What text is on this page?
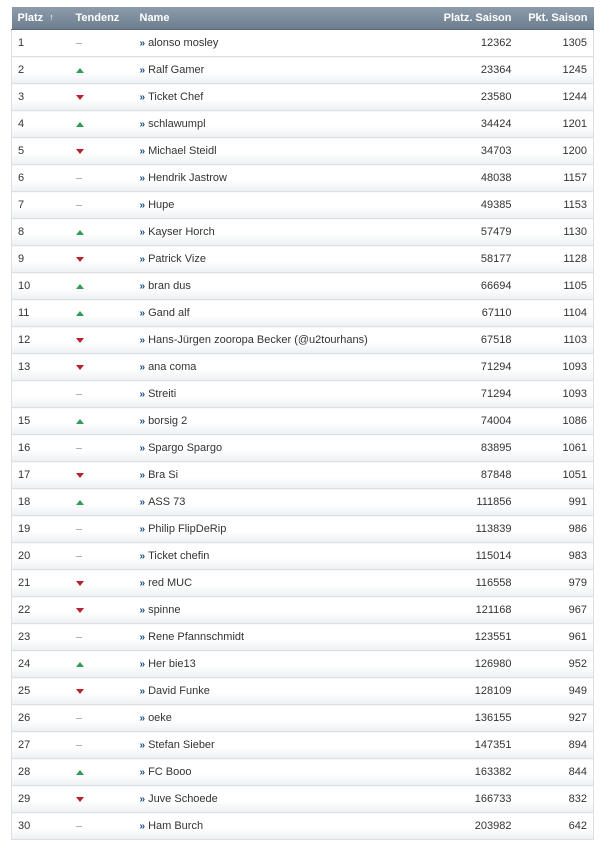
Platz ↑	Tendenz	Name	Platz. Saison	Pkt. Saison
1		» alonso mosley	12362	1305
2		» Ralf Gamer	23364	1245
3		» Ticket Chef	23580	1244
4		» schlawumpl	34424	1201
5		» Michael Steidl	34703	1200
6		» Hendrik Jastrow	48038	1157
7		» Hupe	49385	1153
8		» Kayser Horch	57479	1130
9		» Patrick Vize	58177	1128
10		» bran dus	66694	1105
11		» Gand alf	67110	1104
12		» Hans-Jürgen zooropa Becker (@u2tourhans)	67518	1103
13		» ana coma	71294	1093
		» Streiti	71294	1093
15		» borsig 2	74004	1086
16		» Spargo Spargo	83895	1061
17		» Bra Si	87848	1051
18		» ASS 73	111856	991
19		» Philip FlipDeRip	113839	986
20		» Ticket chefin	115014	983
21		» red MUC	116558	979
22		» spinne	121168	967
23		» Rene Pfannschmidt	123551	961
24		» Her bie13	126980	952
25		» David Funke	128109	949
26		» oeke	136155	927
27		» Stefan Sieber	147351	894
28		» FC Booo	163382	844
29		» Juve Schoede	166733	832
30		» Ham Burch	203982	642
